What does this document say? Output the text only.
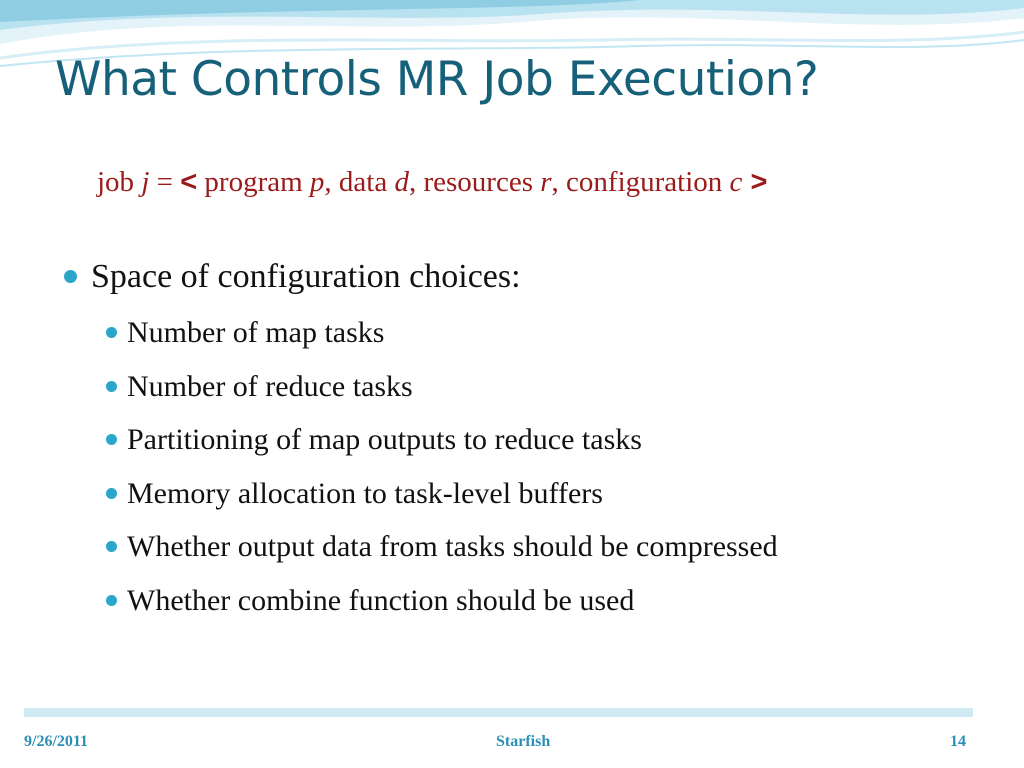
What Controls MR Job Execution?
job j = < program p, data d, resources r, configuration c >
Space of configuration choices:
Number of map tasks
Number of reduce tasks
Partitioning of map outputs to reduce tasks
Memory allocation to task-level buffers
Whether output data from tasks should be compressed
Whether combine function should be used
9/26/2011	Starfish	14
